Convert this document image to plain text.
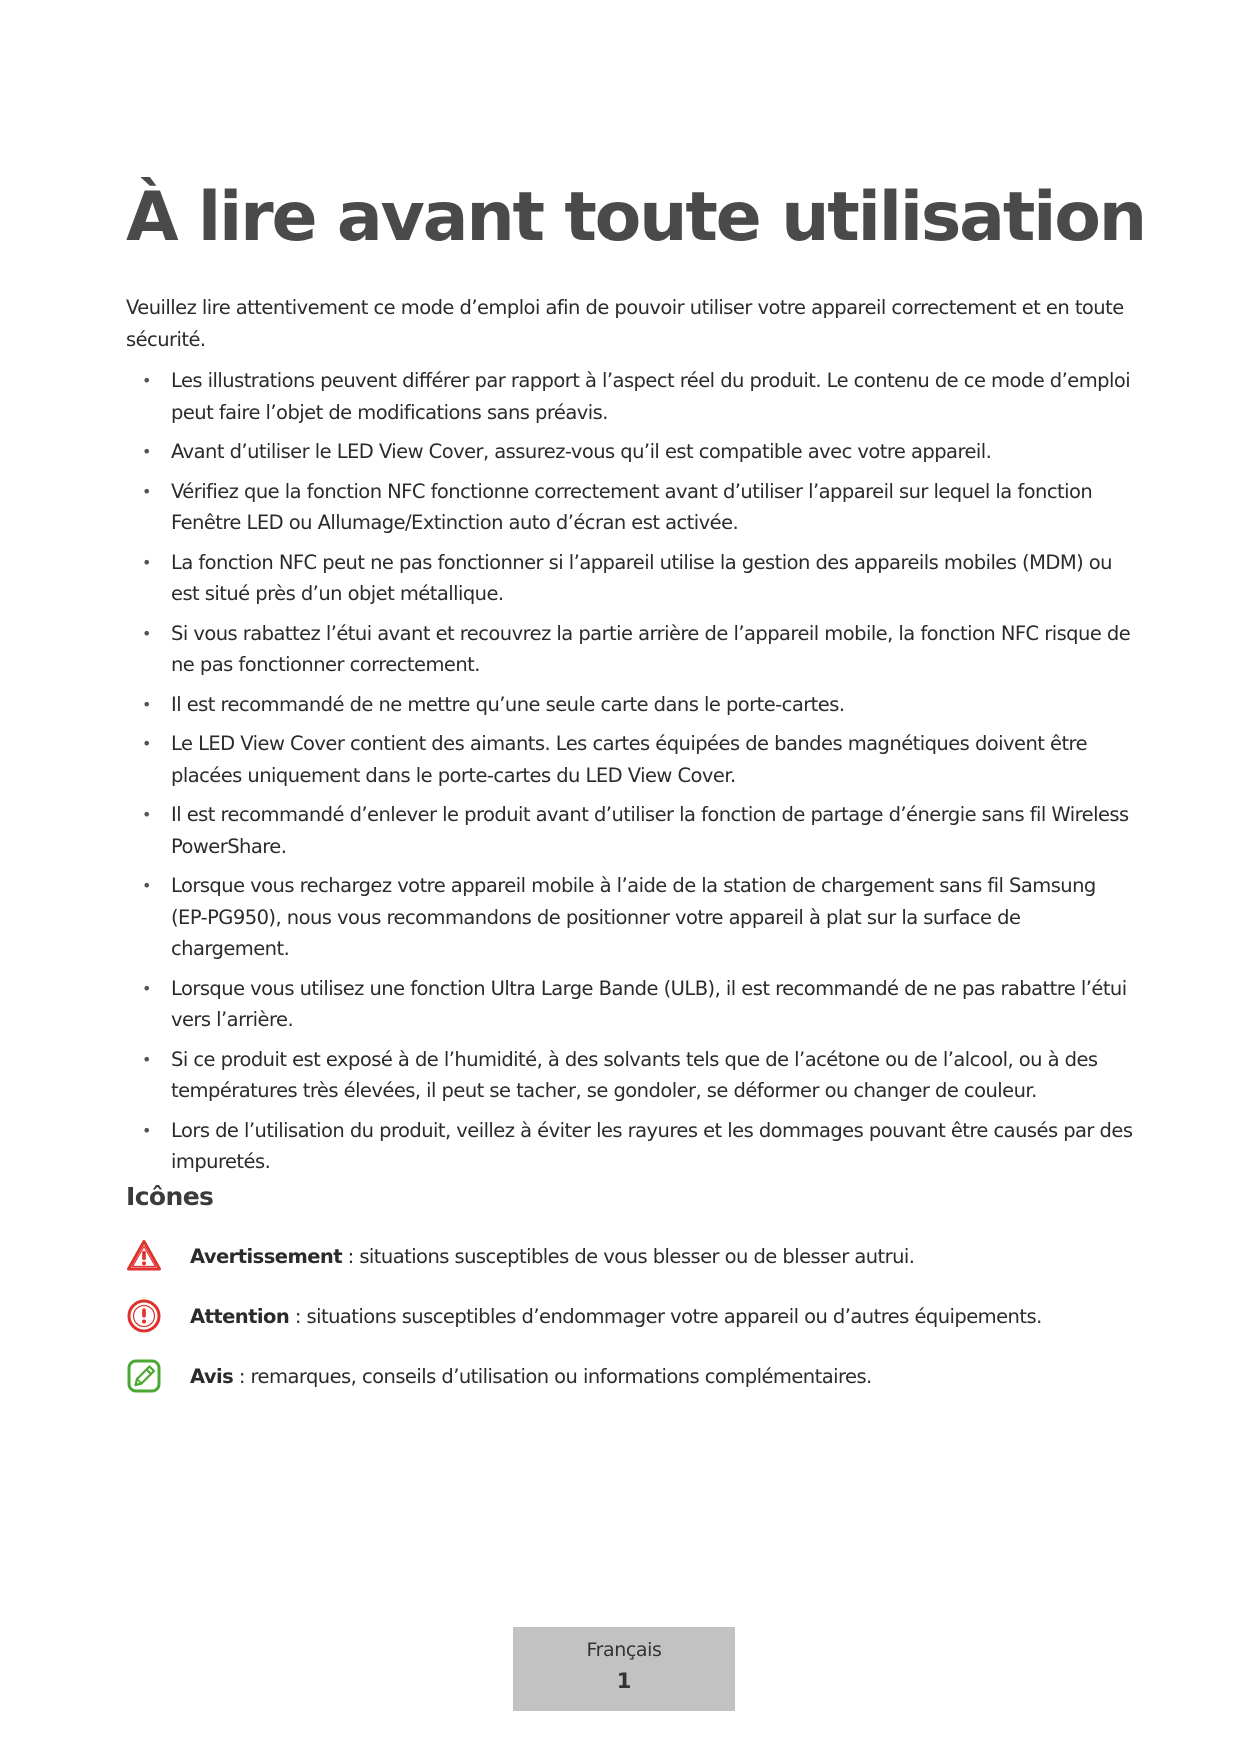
À lire avant toute utilisation

Veuillez lire attentivement ce mode d’emploi afin de pouvoir utiliser votre appareil correctement et en toute sécurité.

• Les illustrations peuvent différer par rapport à l’aspect réel du produit. Le contenu de ce mode d’emploi peut faire l’objet de modifications sans préavis.
• Avant d’utiliser le LED View Cover, assurez-vous qu’il est compatible avec votre appareil.
• Vérifiez que la fonction NFC fonctionne correctement avant d’utiliser l’appareil sur lequel la fonction Fenêtre LED ou Allumage/Extinction auto d’écran est activée.
• La fonction NFC peut ne pas fonctionner si l’appareil utilise la gestion des appareils mobiles (MDM) ou est situé près d’un objet métallique.
• Si vous rabattez l’étui avant et recouvrez la partie arrière de l’appareil mobile, la fonction NFC risque de ne pas fonctionner correctement.
• Il est recommandé de ne mettre qu’une seule carte dans le porte-cartes.
• Le LED View Cover contient des aimants. Les cartes équipées de bandes magnétiques doivent être placées uniquement dans le porte-cartes du LED View Cover.
• Il est recommandé d’enlever le produit avant d’utiliser la fonction de partage d’énergie sans fil Wireless PowerShare.
• Lorsque vous rechargez votre appareil mobile à l’aide de la station de chargement sans fil Samsung (EP-PG950), nous vous recommandons de positionner votre appareil à plat sur la surface de chargement.
• Lorsque vous utilisez une fonction Ultra Large Bande (ULB), il est recommandé de ne pas rabattre l’étui vers l’arrière.
• Si ce produit est exposé à de l’humidité, à des solvants tels que de l’acétone ou de l’alcool, ou à des températures très élevées, il peut se tacher, se gondoler, se déformer ou changer de couleur.
• Lors de l’utilisation du produit, veillez à éviter les rayures et les dommages pouvant être causés par des impuretés.
Icônes
Avertissement : situations susceptibles de vous blesser ou de blesser autrui.
Attention : situations susceptibles d’endommager votre appareil ou d’autres équipements.
Avis : remarques, conseils d’utilisation ou informations complémentaires.
Français
1
